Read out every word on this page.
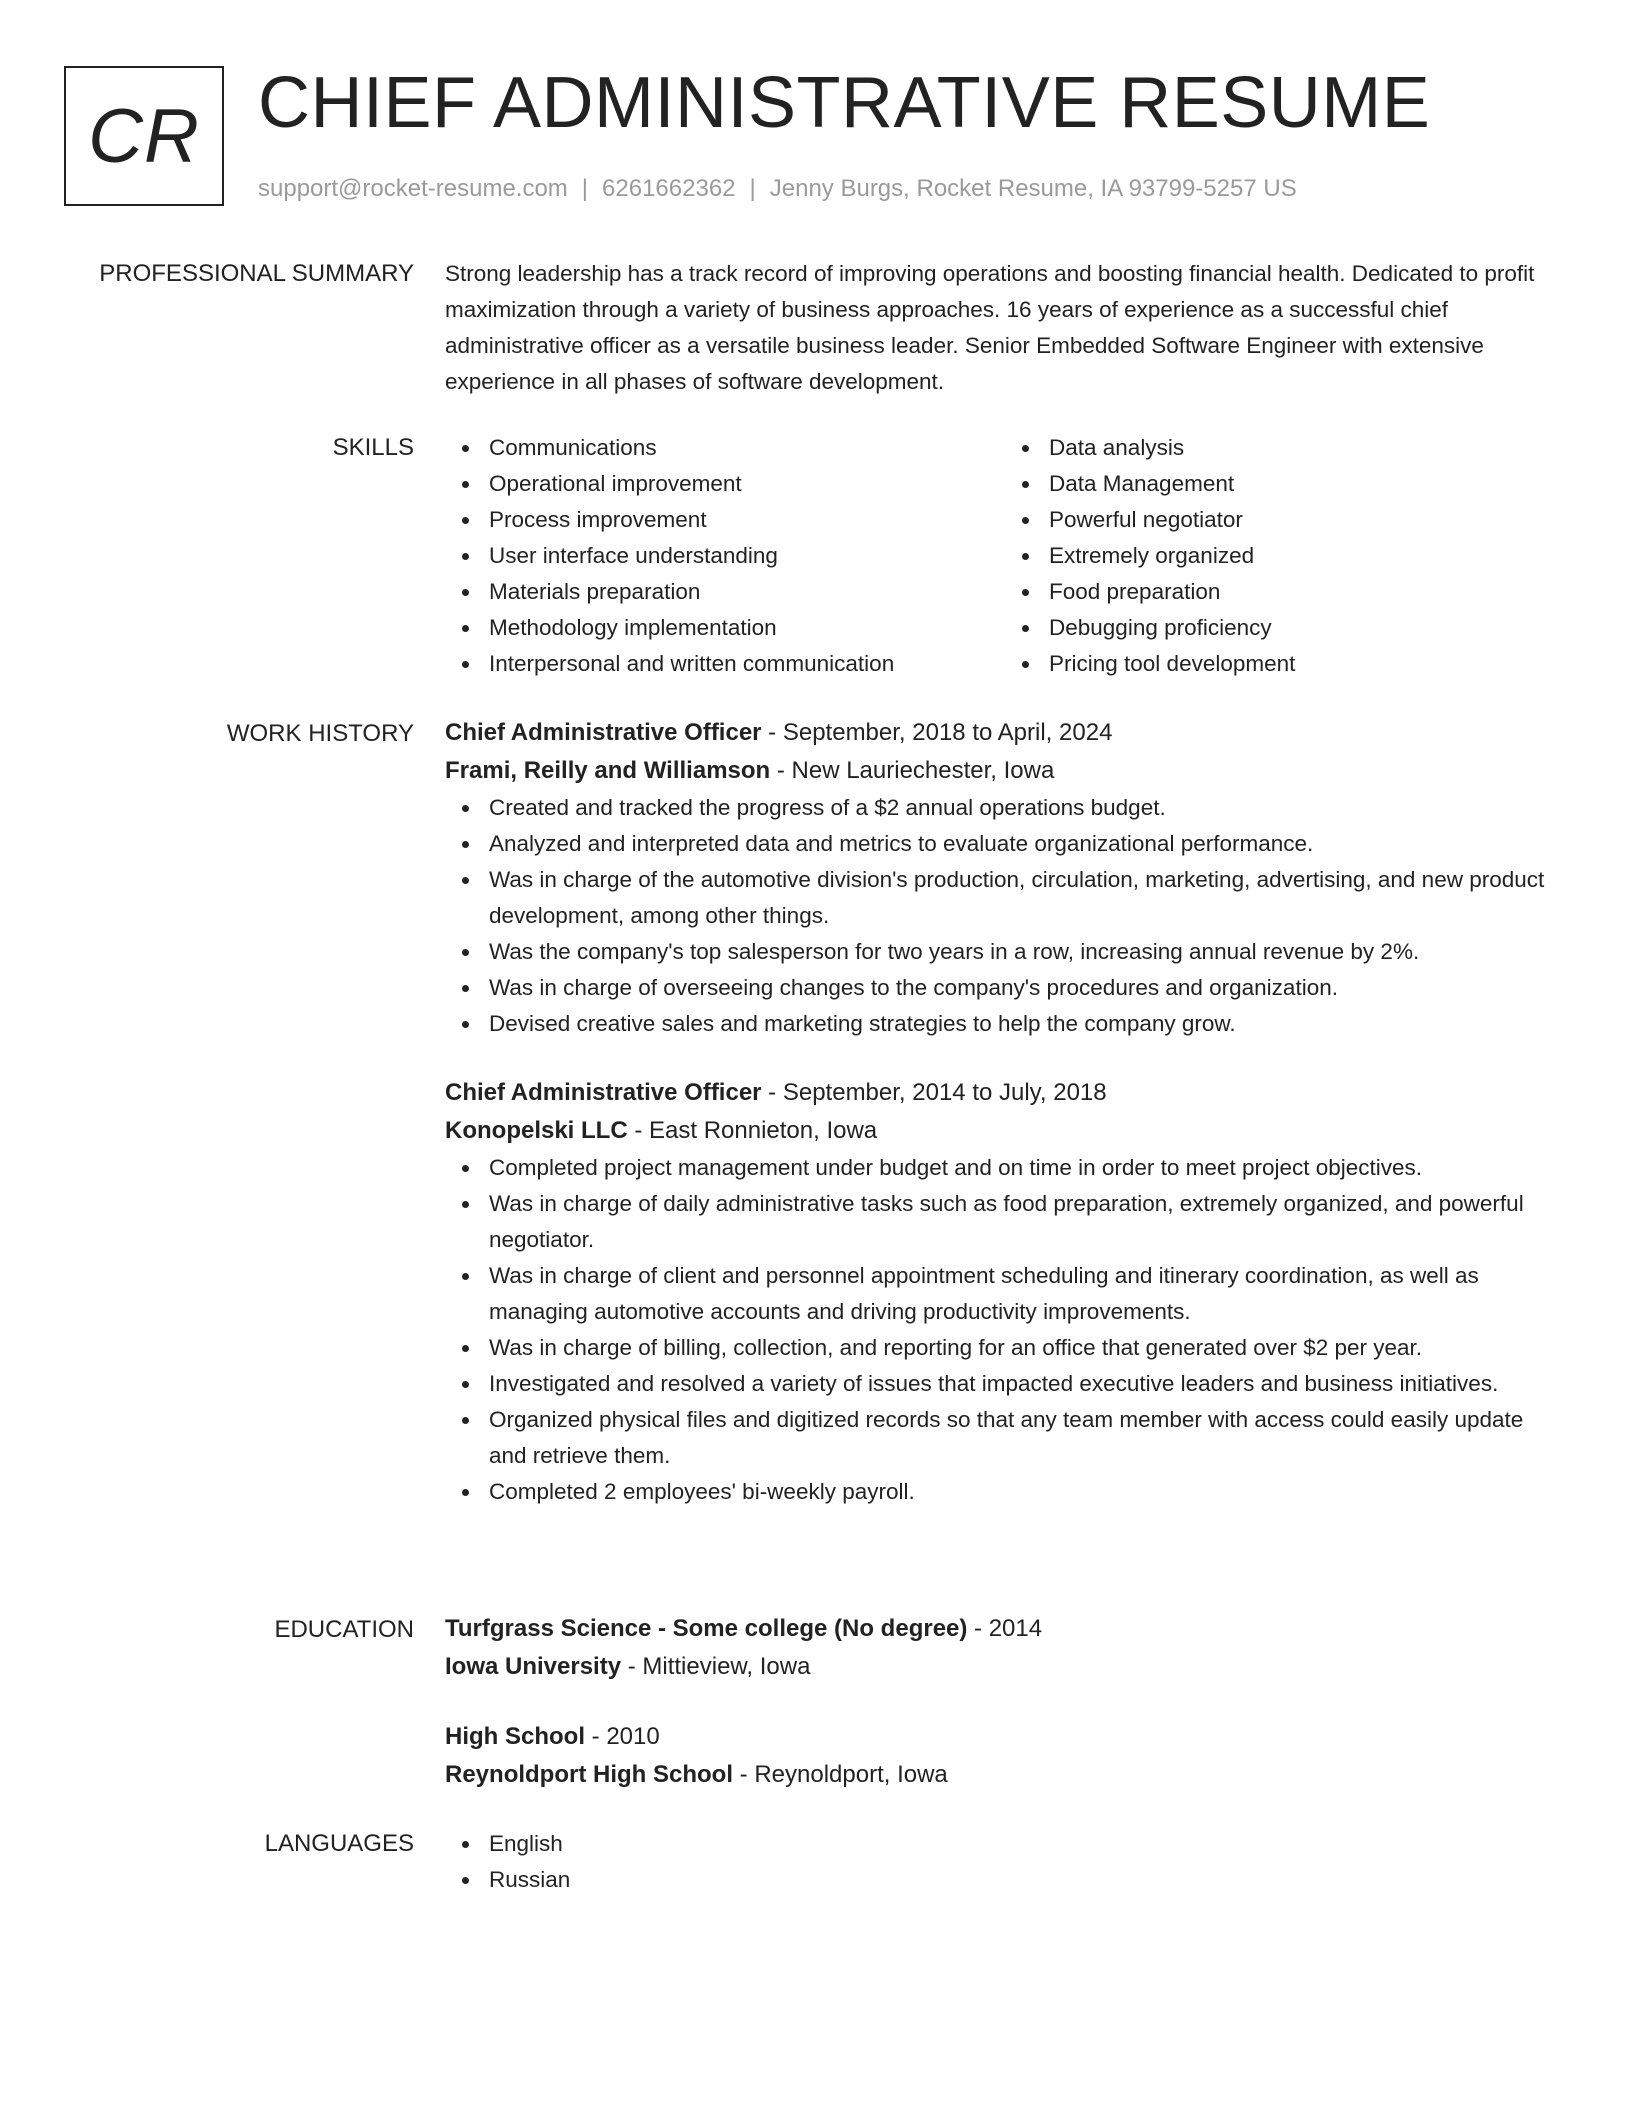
CR CHIEF ADMINISTRATIVE RESUME
support@rocket-resume.com | 6261662362 | Jenny Burgs, Rocket Resume, IA 93799-5257 US
PROFESSIONAL SUMMARY Strong leadership has a track record of improving operations and boosting financial health. Dedicated to profit maximization through a variety of business approaches. 16 years of experience as a successful chief administrative officer as a versatile business leader. Senior Embedded Software Engineer with extensive experience in all phases of software development.

SKILLS	Communications
Operational improvement
Process improvement
User interface understanding
Materials preparation
Methodology implementation
Interpersonal and written communication
Data analysis
Data Management
Powerful negotiator
Extremely organized
Food preparation
Debugging proficiency
Pricing tool development
WORK HISTORY Chief Administrative Officer - September, 2018 to April, 2024
Frami, Reilly and Williamson - New Lauriechester, Iowa
Created and tracked the progress of a $2 annual operations budget.
Analyzed and interpreted data and metrics to evaluate organizational performance.
Was in charge of the automotive division's production, circulation, marketing, advertising, and new product development, among other things.
Was the company's top salesperson for two years in a row, increasing annual revenue by 2%.
Was in charge of overseeing changes to the company's procedures and organization.
Devised creative sales and marketing strategies to help the company grow.
Chief Administrative Officer - September, 2014 to July, 2018
Konopelski LLC - East Ronnieton, Iowa
Completed project management under budget and on time in order to meet project objectives.
Was in charge of daily administrative tasks such as food preparation, extremely organized, and powerful negotiator.
Was in charge of client and personnel appointment scheduling and itinerary coordination, as well as managing automotive accounts and driving productivity improvements.
Was in charge of billing, collection, and reporting for an office that generated over $2 per year.
Investigated and resolved a variety of issues that impacted executive leaders and business initiatives.
Organized physical files and digitized records so that any team member with access could easily update and retrieve them.
Completed 2 employees' bi-weekly payroll.
EDUCATION Turfgrass Science - Some college (No degree) - 2014
Iowa University - Mittieview, Iowa
High School - 2010
Reynoldport High School - Reynoldport, Iowa
LANGUAGES	English
Russian
